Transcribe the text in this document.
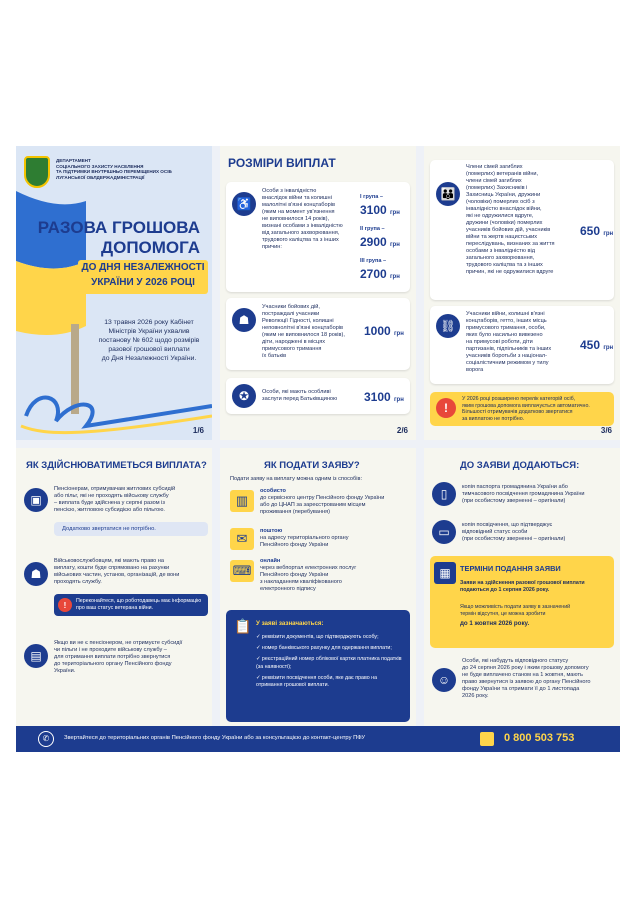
ДЕПАРТАМЕНТ
СОЦІАЛЬНОГО ЗАХИСТУ НАСЕЛЕННЯ
ТА ПІДТРИМКИ ВНУТРІШНЬО ПЕРЕМІЩЕНИХ ОСІБ
ЛУГАНСЬКОЇ ОБЛДЕРЖАДМІНІСТРАЦІЇ
РАЗОВА ГРОШОВА
ДОПОМОГА
ДО ДНЯ НЕЗАЛЕЖНОСТІ
УКРАЇНИ У 2026 РОЦІ
13 травня 2026 року Кабінет
Міністрів України ухвалив
постанову № 602 щодо розмірів
разової грошової виплати
до Дня Незалежності України.
1/6
РОЗМІРИ ВИПЛАТ
♿
Особи з інвалідністю
внаслідок війни та колишні
малолітні в'язні концтаборів
(яким на момент ув'язнення
не виповнилося 14 років),
визнані особами з інвалідністю
від загального захворювання,
трудового каліцтва та з інших
причин:
І група –
3100 грн
ІІ група –
2900 грн
ІІІ група –
2700 грн
☗
Учасники бойових дій,
постраждалі учасники
Революції Гідності, колишні
неповнолітні в'язні концтаборів
(яким не виповнилося 18 років),
діти, народжені в місцях
примусового тримання
їх батьків
1000 грн
✪	Особи, які мають особливі
заслуги перед Батьківщиною	3100 грн
2/6
👪
Члени сімей загиблих
(померлих) ветеранів війни,
члени сімей загиблих
(померлих) Захисників і
Захисниць України, дружини
(чоловіки) померлих осіб з
інвалідністю внаслідок війни,
які не одружилися вдруге,
дружини (чоловіки) померлих
учасників бойових дій, учасників
війни та жертв нацистських
переслідувань, визнаних за життя
особами з інвалідністю від
загального захворювання,
трудового каліцтва та з інших
причин, які не одружилися вдруге
650 грн
⛓
Учасники війни, колишні в'язні
концтаборів, гетто, інших місць
примусового тримання, особи,
яких було насильно вивезено
на примусові роботи, діти
партизанів, підпільників та інших
учасників боротьби з націонал-
соціалістичним режимом у тилу
ворога
450 грн
!
У 2026 році розширено перелік категорій осіб,
яким грошова допомога виплачується автоматично.
Більшості отримувачів додатково звертатися
за виплатою не потрібно.
3/6
ЯК ЗДІЙСНЮВАТИМЕТЬСЯ ВИПЛАТА?
▣
Пенсіонерам, отримувачам житлових субсидій
або пільг, які не проходять військову службу
– виплата буде здійснена у серпні разом із
пенсією, житловою субсидією або пільгою.
Додатково звертатися не потрібно.
☗
Військовослужбовцям, які мають право на
виплату, кошти буде спрямовано на рахунки
військових частин, установ, організацій, де вони
проходять службу.
!	Переконайтеся, що роботодавець має інформацію
про ваш статус ветерана війни.
▤
Якщо ви не є пенсіонером, не отримуєте субсидії
чи пільги і не проходите військову службу –
для отримання виплати потрібно звернутися
до територіального органу Пенсійного фонду
України.
ЯК ПОДАТИ ЗАЯВУ?
Подати заяву на виплату можна одним із способів:
▥
особисто
до сервісного центру Пенсійного фонду України
або до ЦНАП за зареєстрованим місцем
проживання (перебування)
✉	поштою
на адресу територіального органу
Пенсійного фонду України
⌨
онлайн
через вебпортал електронних послуг
Пенсійного фонду України
з накладанням кваліфікованого
електронного підпису
📋 У заяві зазначаються:
✓ реквізити документів, що підтверджують особу;
✓ номер банківського рахунку для одержання виплати;
✓ реєстраційний номер облікової картки платника податків (за наявності);
✓ реквізити посвідчення особи, яке дає право на отримання грошової виплати.
ДО ЗАЯВИ ДОДАЮТЬСЯ:
▯	копія паспорта громадянина України або
тимчасового посвідчення громадянина України
(при особистому зверненні – оригінали)
▭	копія посвідчення, що підтверджує
відповідний статус особи
(при особистому зверненні – оригінали)
▦	ТЕРМІНИ ПОДАННЯ ЗАЯВИ
Заяви на здійснення разової грошової виплати
подаються до 1 серпня 2026 року.
Якщо можливість подати заяву в зазначений
термін відсутня, це можна зробити
до 1 жовтня 2026 року.
☺
Особи, які набудуть відповідного статусу
до 24 серпня 2026 року і яким грошову допомогу
не буде виплачено станом на 1 жовтня, мають
право звернутися із заявою до органу Пенсійного
фонду України та отримати її до 1 листопада
2026 року.
✆	Звертайтеся до територіальних органів Пенсійного фонду України або за консультацією до контакт-центру ПФУ	0 800 503 753
